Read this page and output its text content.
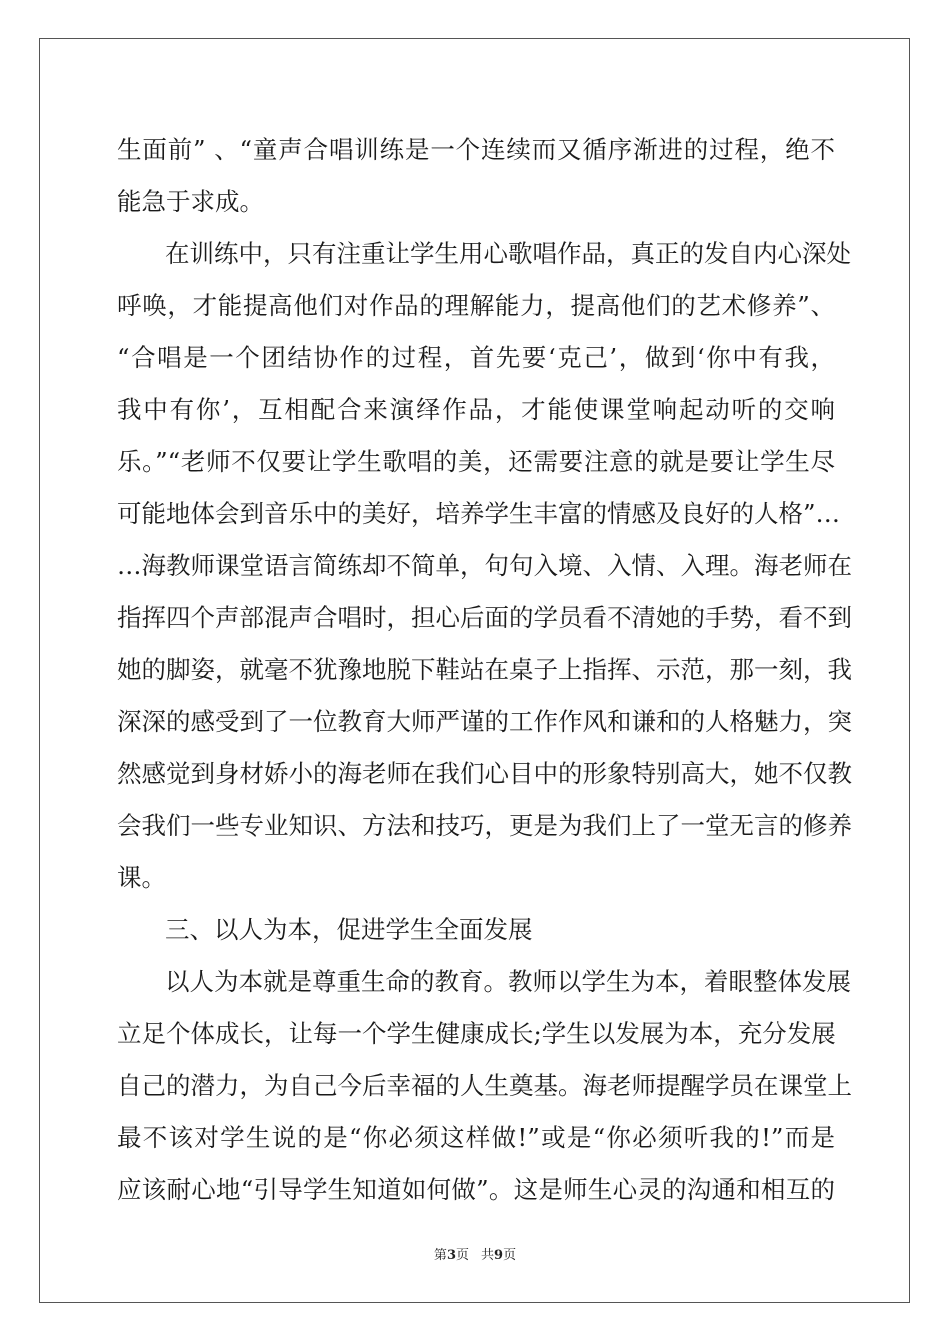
生面前” 、“童声合唱训练是一个连续而又循序渐进的过程，绝不
能急于求成。
在训练中，只有注重让学生用心歌唱作品，真正的发自内心深处
呼唤，才能提高他们对作品的理解能力，提高他们的艺术修养”、
“合唱是一个团结协作的过程，首先要‘克己’，做到‘你中有我，
我中有你’，互相配合来演绎作品，才能使课堂响起动听的交响
乐。”“老师不仅要让学生歌唱的美，还需要注意的就是要让学生尽
可能地体会到音乐中的美好，培养学生丰富的情感及良好的人格”…
…海教师课堂语言简练却不简单，句句入境、入情、入理。海老师在
指挥四个声部混声合唱时，担心后面的学员看不清她的手势，看不到
她的脚姿，就毫不犹豫地脱下鞋站在桌子上指挥、示范，那一刻，我
深深的感受到了一位教育大师严谨的工作作风和谦和的人格魅力，突
然感觉到身材娇小的海老师在我们心目中的形象特别高大，她不仅教
会我们一些专业知识、方法和技巧，更是为我们上了一堂无言的修养
课。
三、以人为本，促进学生全面发展
以人为本就是尊重生命的教育。教师以学生为本，着眼整体发展
立足个体成长，让每一个学生健康成长;学生以发展为本，充分发展
自己的潜力，为自己今后幸福的人生奠基。海老师提醒学员在课堂上
最不该对学生说的是“你必须这样做!”或是“你必须听我的!”而是
应该耐心地“引导学生知道如何做”。这是师生心灵的沟通和相互的
第3页 共9页
